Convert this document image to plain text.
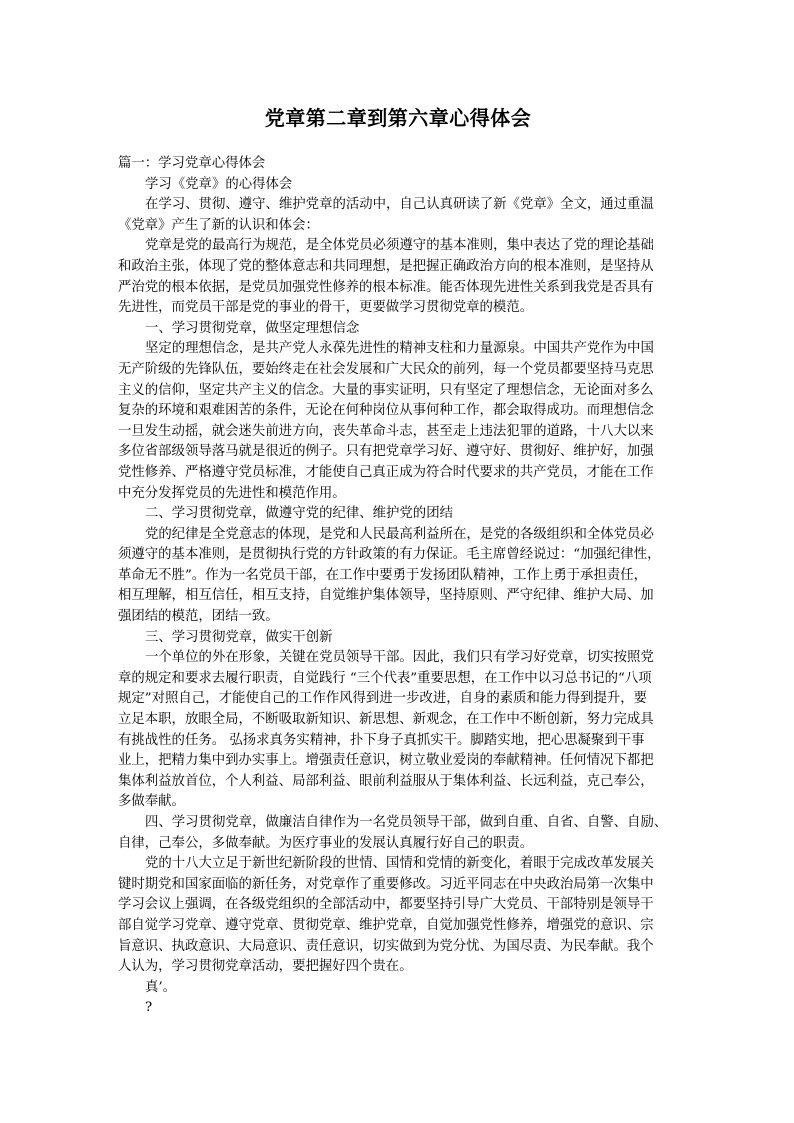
党章第二章到第六章心得体会

篇一：学习党章心得体会

学习《党章》的心得体会

在学习、贯彻、遵守、维护党章的活动中，自己认真研读了新《党章》全文，通过重温

《党章》产生了新的认识和体会：

党章是党的最高行为规范，是全体党员必须遵守的基本准则，集中表达了党的理论基础

和政治主张，体现了党的整体意志和共同理想，是把握正确政治方向的根本准则，是坚持从

严治党的根本依据，是党员加强党性修养的根本标准。能否体现先进性关系到我党是否具有

先进性，而党员干部是党的事业的骨干，更要做学习贯彻党章的模范。

一、学习贯彻党章，做坚定理想信念

坚定的理想信念，是共产党人永葆先进性的精神支柱和力量源泉。中国共产党作为中国

无产阶级的先锋队伍，要始终走在社会发展和广大民众的前列，每一个党员都要坚持马克思

主义的信仰，坚定共产主义的信念。大量的事实证明，只有坚定了理想信念，无论面对多么

复杂的环境和艰难困苦的条件，无论在何种岗位从事何种工作，都会取得成功。而理想信念

一旦发生动摇，就会迷失前进方向，丧失革命斗志，甚至走上违法犯罪的道路，十八大以来

多位省部级领导落马就是很近的例子。只有把党章学习好、遵守好、贯彻好、维护好，加强

党性修养、严格遵守党员标准，才能使自己真正成为符合时代要求的共产党员，才能在工作

中充分发挥党员的先进性和模范作用。

二、学习贯彻党章，做遵守党的纪律、维护党的团结

党的纪律是全党意志的体现，是党和人民最高利益所在，是党的各级组织和全体党员必

须遵守的基本准则，是贯彻执行党的方针政策的有力保证。毛主席曾经说过：“加强纪律性，

革命无不胜”。作为一名党员干部，在工作中要勇于发扬团队精神，工作上勇于承担责任，

相互理解，相互信任，相互支持，自觉维护集体领导，坚持原则、严守纪律、维护大局、加

强团结的模范，团结一致。

三、学习贯彻党章，做实干创新

一个单位的外在形象，关键在党员领导干部。因此，我们只有学习好党章，切实按照党

章的规定和要求去履行职责，自觉践行 “三个代表”重要思想，在工作中以习总书记的“八项

规定”对照自己，才能使自己的工作作风得到进一步改进，自身的素质和能力得到提升，要

立足本职，放眼全局，不断吸取新知识、新思想、新观念，在工作中不断创新，努力完成具

有挑战性的任务。 弘扬求真务实精神，扑下身子真抓实干。脚踏实地，把心思凝聚到干事

业上，把精力集中到办实事上。增强责任意识，树立敬业爱岗的奉献精神。任何情况下都把

集体利益放首位，个人利益、局部利益、眼前利益服从于集体利益、长远利益，克己奉公，

多做奉献。

四、学习贯彻党章，做廉洁自律作为一名党员领导干部，做到自重、自省、自警、自励、

自律，己奉公，多做奉献。为医疗事业的发展认真履行好自己的职责。

党的十八大立足于新世纪新阶段的世情、国情和党情的新变化，着眼于完成改革发展关

键时期党和国家面临的新任务，对党章作了重要修改。习近平同志在中央政治局第一次集中

学习会议上强调，在各级党组织的全部活动中，都要坚持引导广大党员、干部特别是领导干

部自觉学习党章、遵守党章、贯彻党章、维护党章，自觉加强党性修养，增强党的意识、宗

旨意识、执政意识、大局意识、责任意识，切实做到为党分忧、为国尽责、为民奉献。我个

人认为，学习贯彻党章活动，要把握好四个贵在。

真’。

?
